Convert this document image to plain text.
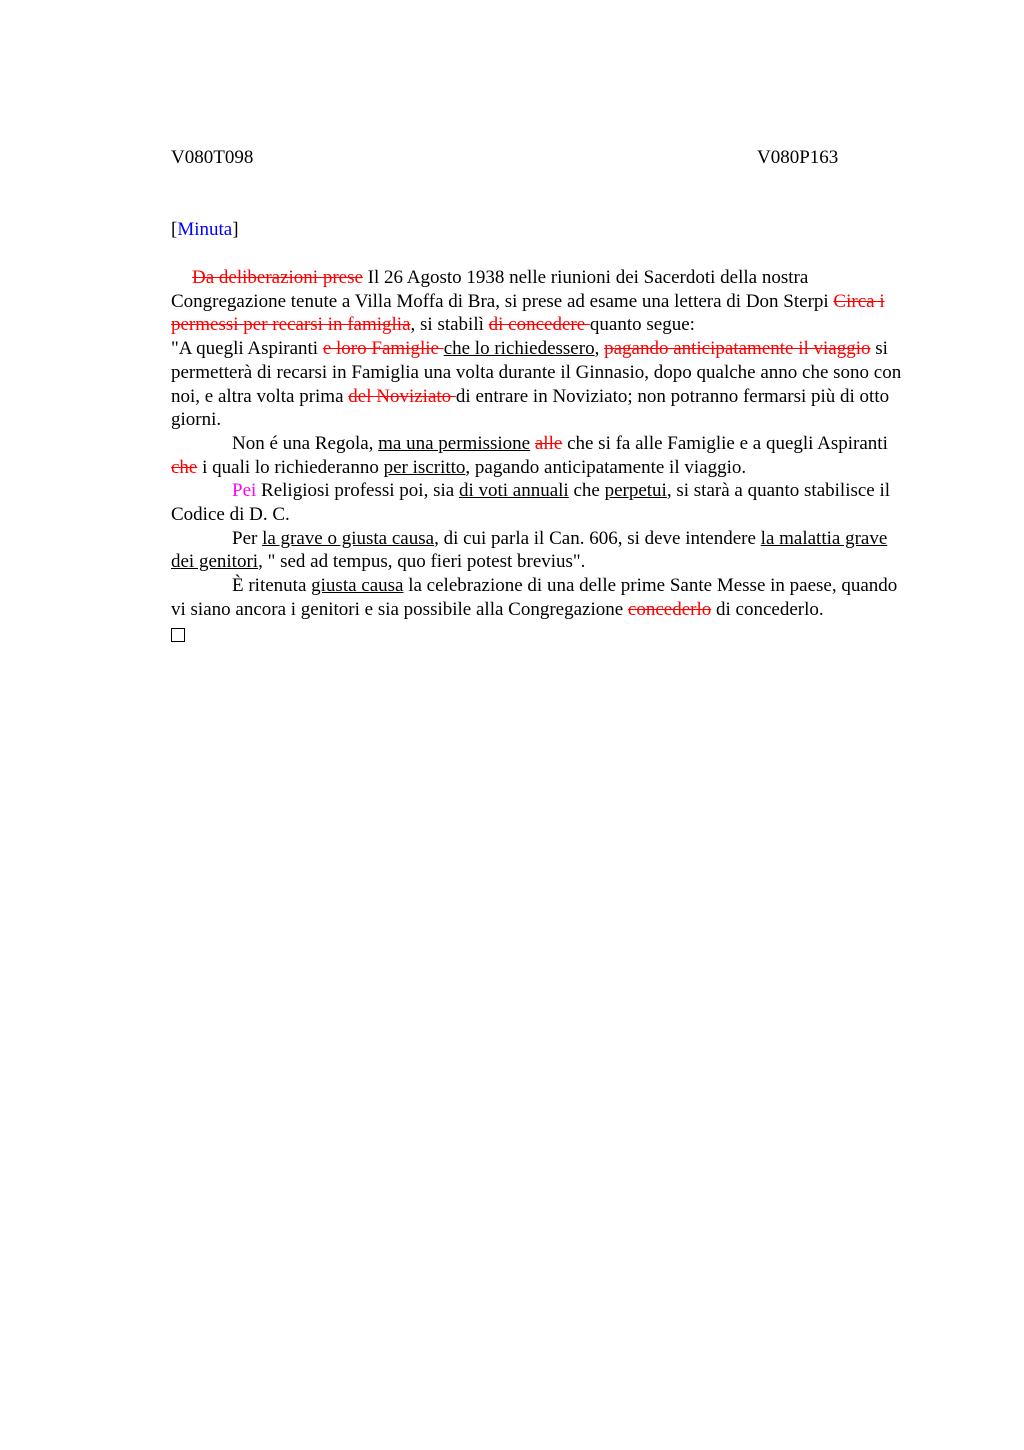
V080T098	V080P163
[Minuta]

Da deliberazioni prese Il 26 Agosto 1938 nelle riunioni dei Sacerdoti della nostra Congregazione tenute a Villa Moffa di Bra, si prese ad esame una lettera di Don Sterpi Circa i permessi per recarsi in famiglia, si stabilì di concedere quanto segue:

"A quegli Aspiranti e loro Famiglie che lo richiedessero, pagando anticipatamente il viaggio si permetterà di recarsi in Famiglia una volta durante il Ginnasio, dopo qualche anno che sono con noi, e altra volta prima del Noviziato di entrare in Noviziato; non potranno fermarsi più di otto giorni.

Non é una Regola, ma una permissione alle che si fa alle Famiglie e a quegli Aspiranti che i quali lo richiederanno per iscritto, pagando anticipatamente il viaggio.

Pei Religiosi professi poi, sia di voti annuali che perpetui, si starà a quanto stabilisce il Codice di D. C.

Per la grave o giusta causa, di cui parla il Can. 606, si deve intendere la malattia grave dei genitori, " sed ad tempus, quo fieri potest brevius".

È ritenuta giusta causa la celebrazione di una delle prime Sante Messe in paese, quando vi siano ancora i genitori e sia possibile alla Congregazione concederlo di concederlo.
